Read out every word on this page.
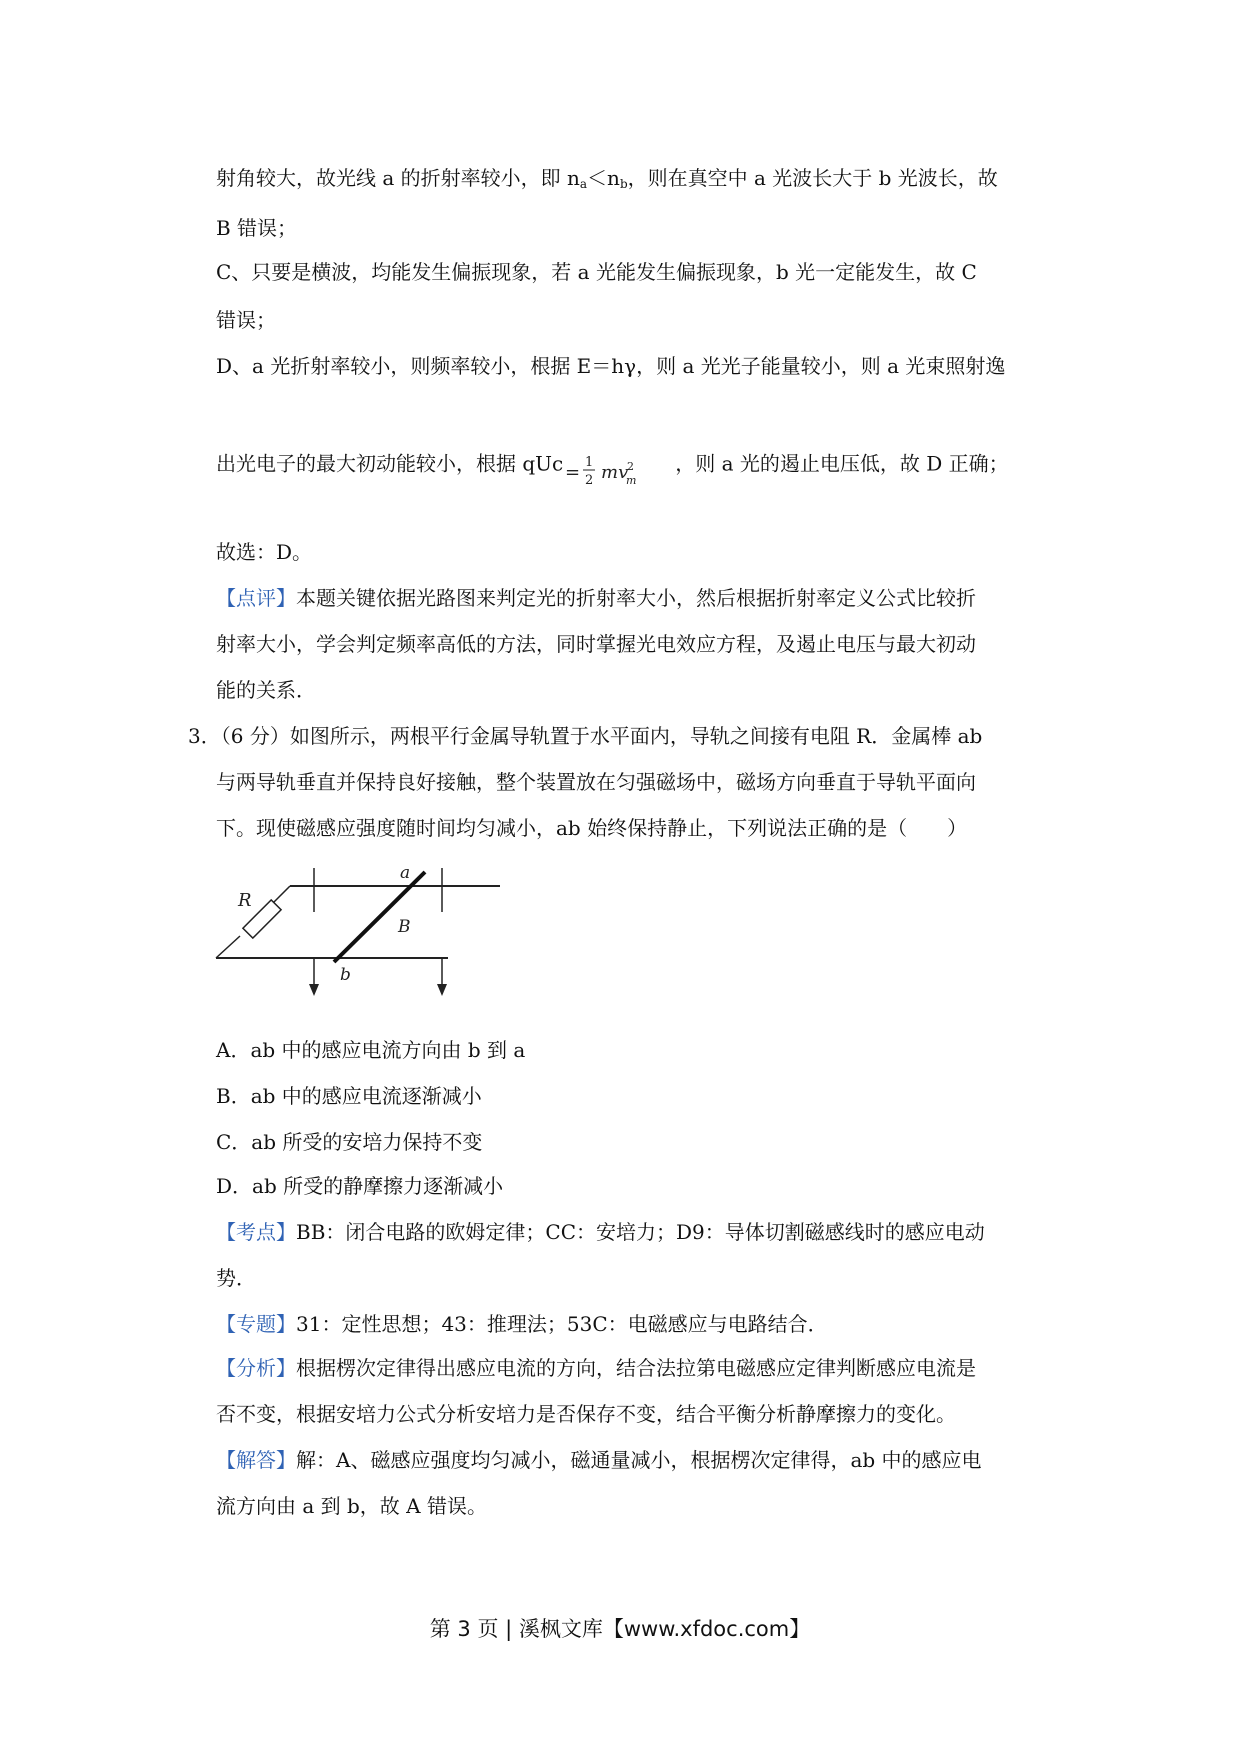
射角较大，故光线 a 的折射率较小，即 $n_a<n_b$，则在真空中 a 光波长大于 b 光波长，故
B 错误；
C、只要是横波，均能发生偏振现象，若 a 光能发生偏振现象，b 光一定能发生，故 C
错误；
D、a 光折射率较小，则频率较小，根据 E＝hγ，则 a 光光子能量较小，则 a 光束照射逸
出光电子的最大初动能较小，根据 qUc = 1
2 mv
2
m
，则 a 光的遏止电压低，故 D 正确；
故选：D。
【点评】本题关键依据光路图来判定光的折射率大小，然后根据折射率定义公式比较折
射率大小，学会判定频率高低的方法，同时掌握光电效应方程，及遏止电压与最大初动
能的关系．
3．（6 分）如图所示，两根平行金属导轨置于水平面内，导轨之间接有电阻 R．金属棒 ab
与两导轨垂直并保持良好接触，整个装置放在匀强磁场中，磁场方向垂直于导轨平面向
下。现使磁感应强度随时间均匀减小，ab 始终保持静止，下列说法正确的是（　　）
R
a
B
b
A．ab 中的感应电流方向由 b 到 a
B．ab 中的感应电流逐渐减小
C．ab 所受的安培力保持不变
D．ab 所受的静摩擦力逐渐减小
【考点】BB：闭合电路的欧姆定律；CC：安培力；D9：导体切割磁感线时的感应电动
势．
【专题】31：定性思想；43：推理法；53C：电磁感应与电路结合．
【分析】根据楞次定律得出感应电流的方向，结合法拉第电磁感应定律判断感应电流是
否不变，根据安培力公式分析安培力是否保存不变，结合平衡分析静摩擦力的变化。
【解答】解：A、磁感应强度均匀减小，磁通量减小，根据楞次定律得，ab 中的感应电
流方向由 a 到 b，故 A 错误。
第 3 页 | 溪枫文库【www.xfdoc.com】
